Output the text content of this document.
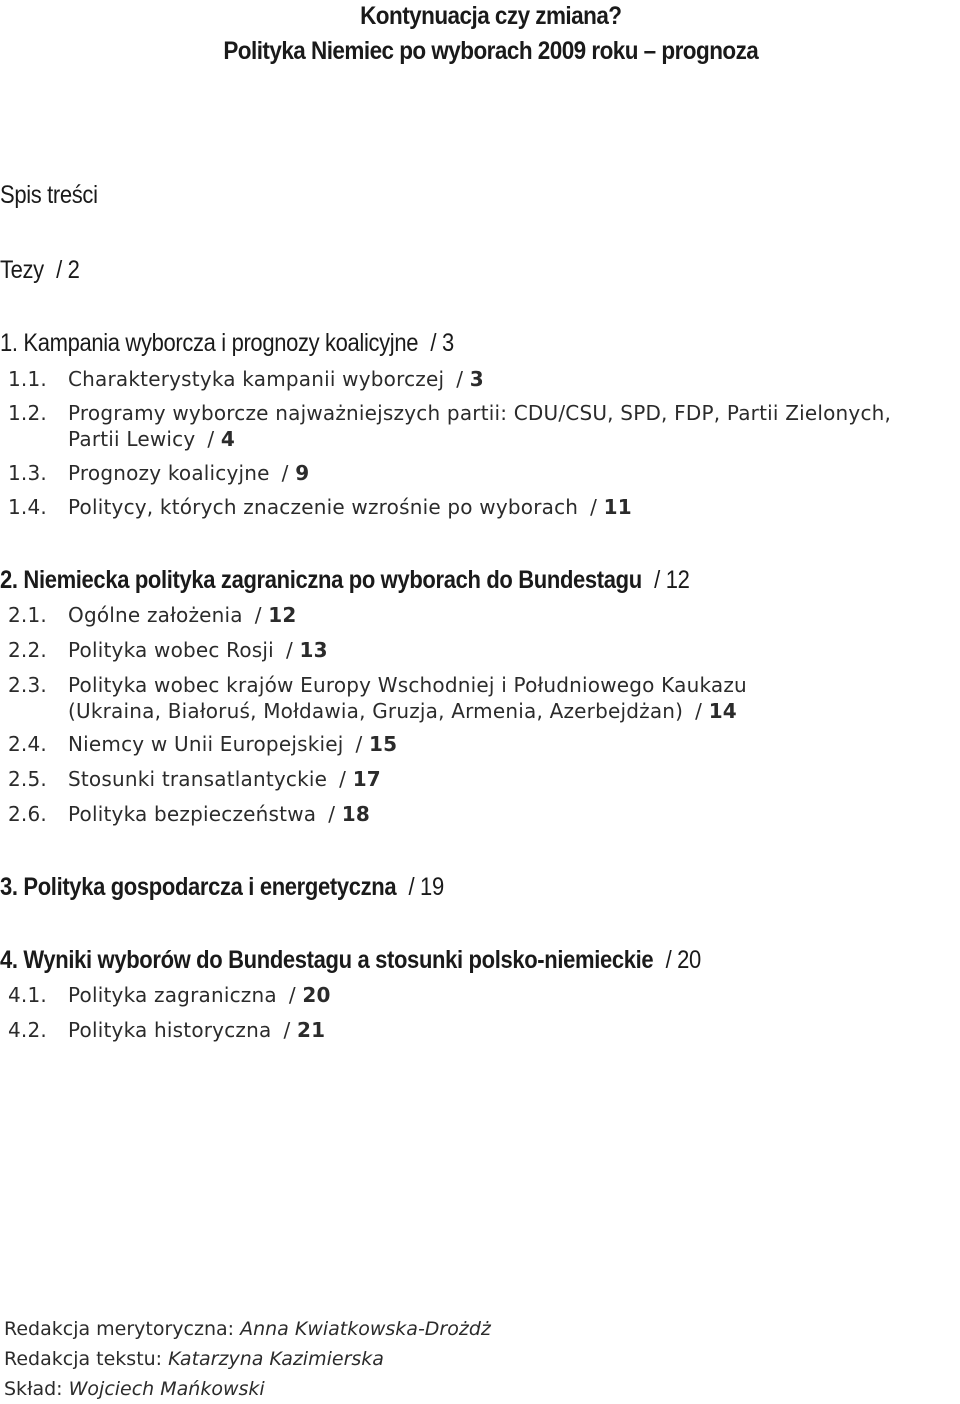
Kontynuacja czy zmiana?
Polityka Niemiec po wyborach 2009 roku – prognoza
Spis treści

Tezy / 2

1. Kampania wyborcza i prognozy koalicyjne / 3

1.1. Charakterystyka kampanii wyborczej / 3

1.2. Programy wyborcze najważniejszych partii: CDU/CSU, SPD, FDP, Partii Zielonych,
Partii Lewicy / 4

1.3. Prognozy koalicyjne / 9

1.4. Politycy, których znaczenie wzrośnie po wyborach / 11

2. Niemiecka polityka zagraniczna po wyborach do Bundestagu / 12

2.1. Ogólne założenia / 12

2.2. Polityka wobec Rosji / 13

2.3. Polityka wobec krajów Europy Wschodniej i Południowego Kaukazu
(Ukraina, Białoruś, Mołdawia, Gruzja, Armenia, Azerbejdżan) / 14

2.4. Niemcy w Unii Europejskiej / 15

2.5. Stosunki transatlantyckie / 17

2.6. Polityka bezpieczeństwa / 18

3. Polityka gospodarcza i energetyczna / 19

4. Wyniki wyborów do Bundestagu a stosunki polsko-niemieckie / 20

4.1. Polityka zagraniczna / 20

4.2. Polityka historyczna / 21

Redakcja merytoryczna: Anna Kwiatkowska-Drożdż

Redakcja tekstu: Katarzyna Kazimierska

Skład: Wojciech Mańkowski
